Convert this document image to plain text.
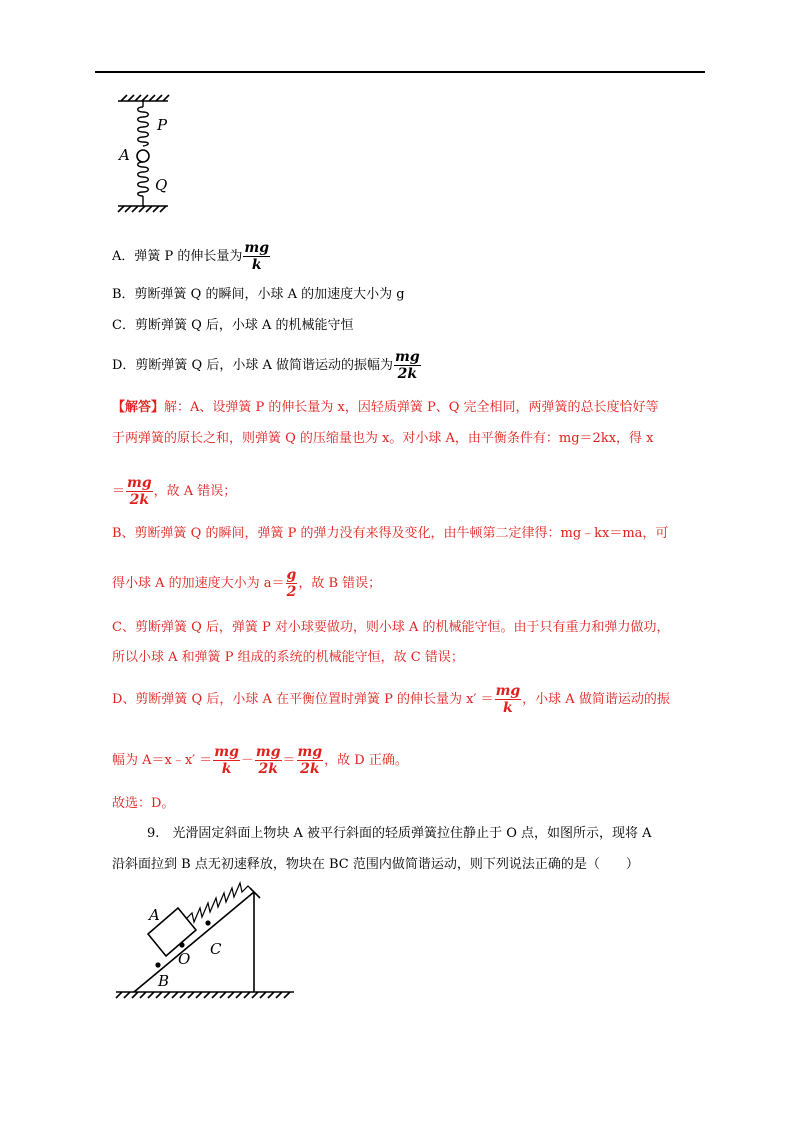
P
A
Q
A．弹簧 P 的伸长量为 $\frac{mg}{k}$
B．剪断弹簧 Q 的瞬间，小球 A 的加速度大小为 g
C．剪断弹簧 Q 后，小球 A 的机械能守恒
D．剪断弹簧 Q 后，小球 A 做简谐运动的振幅为 $\frac{mg}{2k}$
【解答】解：A、设弹簧 P 的伸长量为 x，因轻质弹簧 P、Q 完全相同，两弹簧的总长度恰好等
于两弹簧的原长之和，则弹簧 Q 的压缩量也为 x。对小球 A，由平衡条件有：mg＝2kx，得 x
＝ $\frac{mg}{2k}$ ，故 A 错误；
B、剪断弹簧 Q 的瞬间，弹簧 P 的弹力没有来得及变化，由牛顿第二定律得：mg﹣kx＝ma，可
得小球 A 的加速度大小为 $a= \frac{g}{2}$ ，故 B 错误；
C、剪断弹簧 Q 后，弹簧 P 对小球要做功，则小球 A 的机械能守恒。由于只有重力和弹力做功，
所以小球 A 和弹簧 P 组成的系统的机械能守恒，故 C 错误；
D、剪断弹簧 Q 后，小球 A 在平衡位置时弹簧 P 的伸长量为 $x' = \frac{mg}{k}$ ，小球 A 做简谐运动的振
幅为 A＝x﹣x′ ＝ $\frac{mg}{k} - \frac{mg}{2k} = \frac{mg}{2k}$ ，故 D 正确。
故选：D。
9.　光滑固定斜面上物块 A 被平行斜面的轻质弹簧拉住静止于 O 点，如图所示，现将 A
沿斜面拉到 B 点无初速释放，物块在 BC 范围内做简谐运动，则下列说法正确的是（　　）
A
O
C
B
